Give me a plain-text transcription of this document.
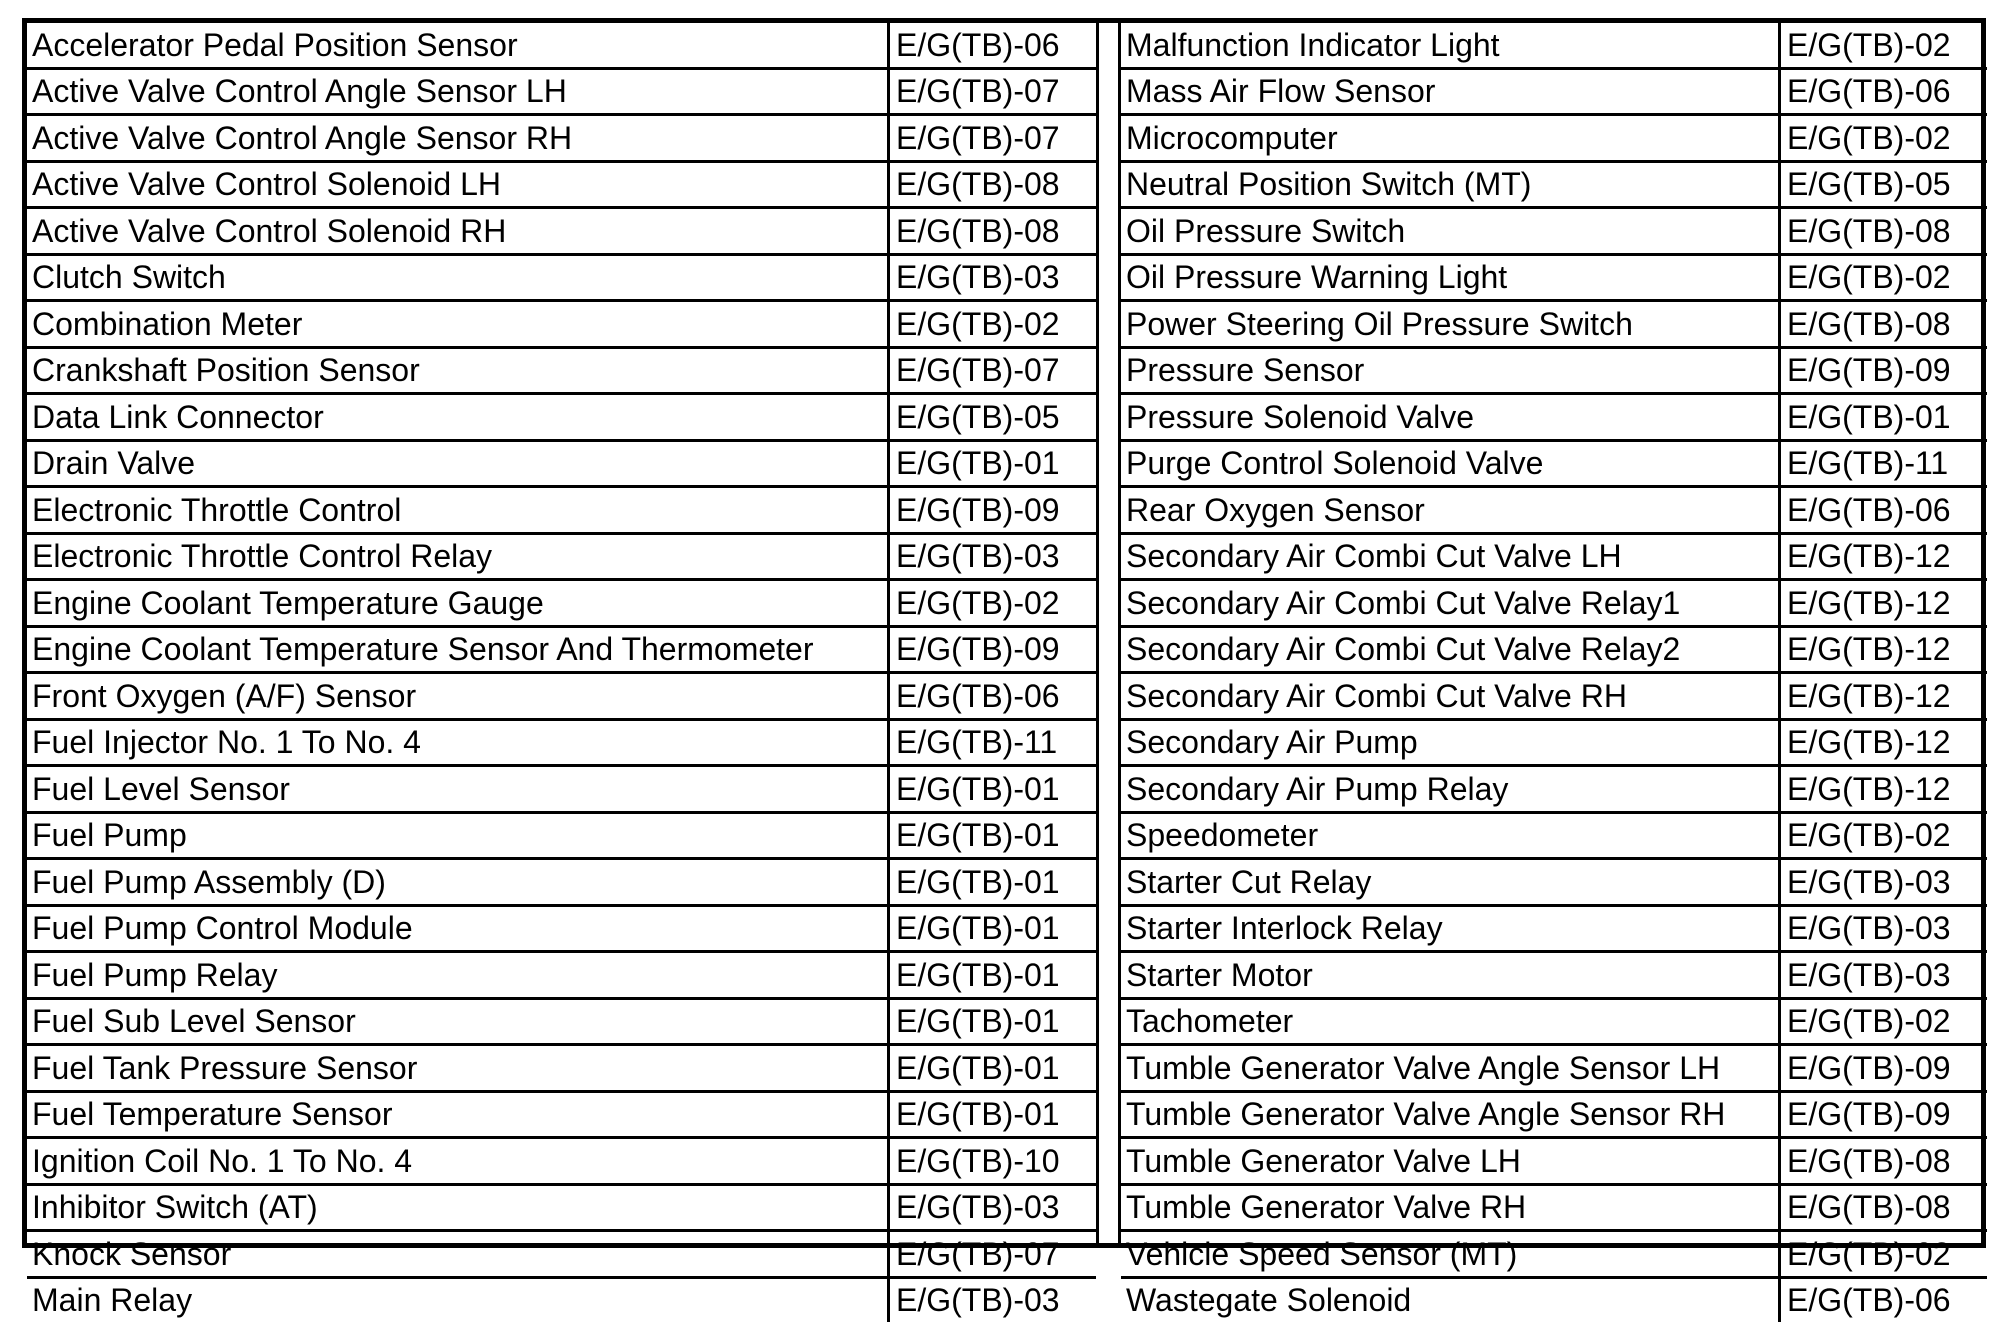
Accelerator Pedal Position Sensor	E/G(TB)-06
Active Valve Control Angle Sensor LH	E/G(TB)-07
Active Valve Control Angle Sensor RH	E/G(TB)-07
Active Valve Control Solenoid LH	E/G(TB)-08
Active Valve Control Solenoid RH	E/G(TB)-08
Clutch Switch	E/G(TB)-03
Combination Meter	E/G(TB)-02
Crankshaft Position Sensor	E/G(TB)-07
Data Link Connector	E/G(TB)-05
Drain Valve	E/G(TB)-01
Electronic Throttle Control	E/G(TB)-09
Electronic Throttle Control Relay	E/G(TB)-03
Engine Coolant Temperature Gauge	E/G(TB)-02
Engine Coolant Temperature Sensor And Thermometer	E/G(TB)-09
Front Oxygen (A/F) Sensor	E/G(TB)-06
Fuel Injector No. 1 To No. 4	E/G(TB)-11
Fuel Level Sensor	E/G(TB)-01
Fuel Pump	E/G(TB)-01
Fuel Pump Assembly (D)	E/G(TB)-01
Fuel Pump Control Module	E/G(TB)-01
Fuel Pump Relay	E/G(TB)-01
Fuel Sub Level Sensor	E/G(TB)-01
Fuel Tank Pressure Sensor	E/G(TB)-01
Fuel Temperature Sensor	E/G(TB)-01
Ignition Coil No. 1 To No. 4	E/G(TB)-10
Inhibitor Switch (AT)	E/G(TB)-03
Knock Sensor	E/G(TB)-07
Main Relay	E/G(TB)-03
Malfunction Indicator Light	E/G(TB)-02
Mass Air Flow Sensor	E/G(TB)-06
Microcomputer	E/G(TB)-02
Neutral Position Switch (MT)	E/G(TB)-05
Oil Pressure Switch	E/G(TB)-08
Oil Pressure Warning Light	E/G(TB)-02
Power Steering Oil Pressure Switch	E/G(TB)-08
Pressure Sensor	E/G(TB)-09
Pressure Solenoid Valve	E/G(TB)-01
Purge Control Solenoid Valve	E/G(TB)-11
Rear Oxygen Sensor	E/G(TB)-06
Secondary Air Combi Cut Valve LH	E/G(TB)-12
Secondary Air Combi Cut Valve Relay1	E/G(TB)-12
Secondary Air Combi Cut Valve Relay2	E/G(TB)-12
Secondary Air Combi Cut Valve RH	E/G(TB)-12
Secondary Air Pump	E/G(TB)-12
Secondary Air Pump Relay	E/G(TB)-12
Speedometer	E/G(TB)-02
Starter Cut Relay	E/G(TB)-03
Starter Interlock Relay	E/G(TB)-03
Starter Motor	E/G(TB)-03
Tachometer	E/G(TB)-02
Tumble Generator Valve Angle Sensor LH	E/G(TB)-09
Tumble Generator Valve Angle Sensor RH	E/G(TB)-09
Tumble Generator Valve LH	E/G(TB)-08
Tumble Generator Valve RH	E/G(TB)-08
Vehicle Speed Sensor (MT)	E/G(TB)-02
Wastegate Solenoid	E/G(TB)-06
